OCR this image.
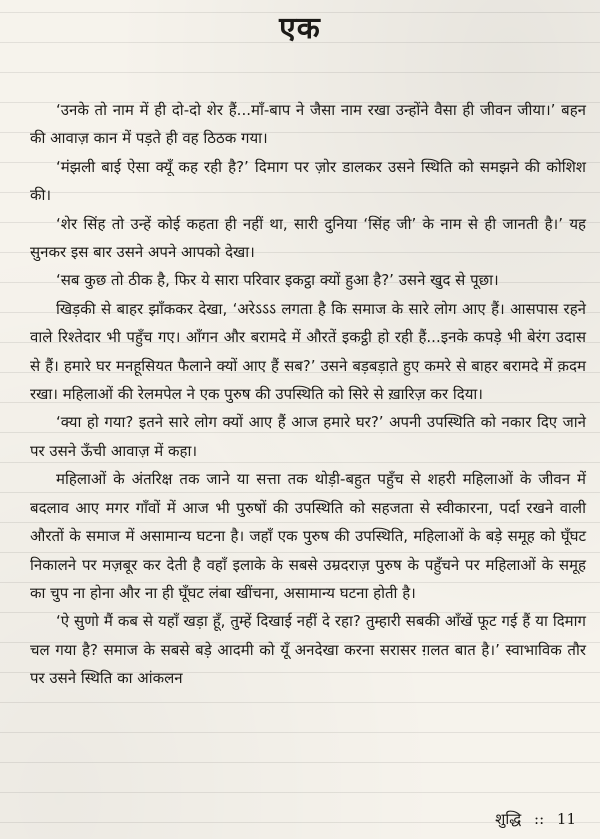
एक

‘उनके तो नाम में ही दो-दो शेर हैं...माँ-बाप ने जैसा नाम रखा उन्होंने वैसा ही जीवन जीया।’ बहन की आवाज़ कान में पड़ते ही वह ठिठक गया।

‘मंझली बाई ऐसा क्यूँ कह रही है?’ दिमाग पर ज़ोर डालकर उसने स्थिति को समझने की कोशिश की।

‘शेर सिंह तो उन्हें कोई कहता ही नहीं था, सारी दुनिया ‘सिंह जी’ के नाम से ही जानती है।’ यह सुनकर इस बार उसने अपने आपको देखा।

‘सब कुछ तो ठीक है, फिर ये सारा परिवार इकट्ठा क्यों हुआ है?’ उसने खुद से पूछा।

खिड़की से बाहर झाँककर देखा, ‘अरेऽऽऽ लगता है कि समाज के सारे लोग आए हैं। आसपास रहने वाले रिश्तेदार भी पहुँच गए। आँगन और बरामदे में औरतें इकट्ठी हो रही हैं...इनके कपड़े भी बेरंग उदास से हैं। हमारे घर मनहूसियत फैलाने क्यों आए हैं सब?’ उसने बड़बड़ाते हुए कमरे से बाहर बरामदे में क़दम रखा। महिलाओं की रेलमपेल ने एक पुरुष की उपस्थिति को सिरे से ख़ारिज़ कर दिया।

‘क्या हो गया? इतने सारे लोग क्यों आए हैं आज हमारे घर?’ अपनी उपस्थिति को नकार दिए जाने पर उसने ऊँची आवाज़ में कहा।

महिलाओं के अंतरिक्ष तक जाने या सत्ता तक थोड़ी-बहुत पहुँच से शहरी महिलाओं के जीवन में बदलाव आए मगर गाँवों में आज भी पुरुषों की उपस्थिति को सहजता से स्वीकारना, पर्दा रखने वाली औरतों के समाज में असामान्य घटना है। जहाँ एक पुरुष की उपस्थिति, महिलाओं के बड़े समूह को घूँघट निकालने पर मज़बूर कर देती है वहाँ इलाके के सबसे उम्रदराज़ पुरुष के पहुँचने पर महिलाओं के समूह का चुप ना होना और ना ही घूँघट लंबा खींचना, असामान्य घटना होती है।

‘ऐ सुणो मैं कब से यहाँ खड़ा हूँ, तुम्हें दिखाई नहीं दे रहा? तुम्हारी सबकी आँखें फूट गई हैं या दिमाग चल गया है? समाज के सबसे बड़े आदमी को यूँ अनदेखा करना सरासर ग़लत बात है।’ स्वाभाविक तौर पर उसने स्थिति का आंकलन

शुद्धि :: 11
